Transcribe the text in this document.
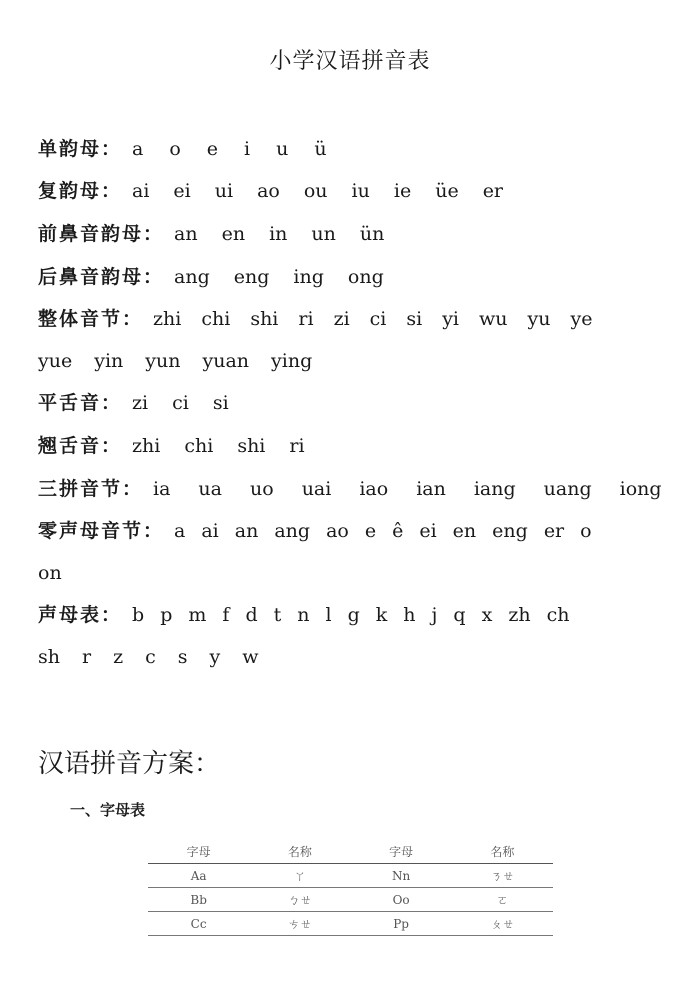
小学汉语拼音表
单韵母： a o e i u ü
复韵母： ai ei ui ao ou iu ie üe er
前鼻音韵母： an en in un ün
后鼻音韵母： ang eng ing ong
整体音节： zhi chi shi ri zi ci si yi wu yu ye
yue yin yun yuan ying
平舌音： zi ci si
翘舌音： zhi chi shi ri
三拼音节： ia ua uo uai iao ian iang uang iong
零声母音节： a ai an ang ao e ê ei en eng er o
on
声母表： b p m f d t n l g k h j q x zh ch
sh r z c s y w
汉语拼音方案：
一、字母表
字母	名称	字母	名称
Aa	ㄚ	Nn	ㄋㄝ
Bb	ㄅㄝ	Oo	ㄛ
Cc	ㄘㄝ	Pp	ㄆㄝ
